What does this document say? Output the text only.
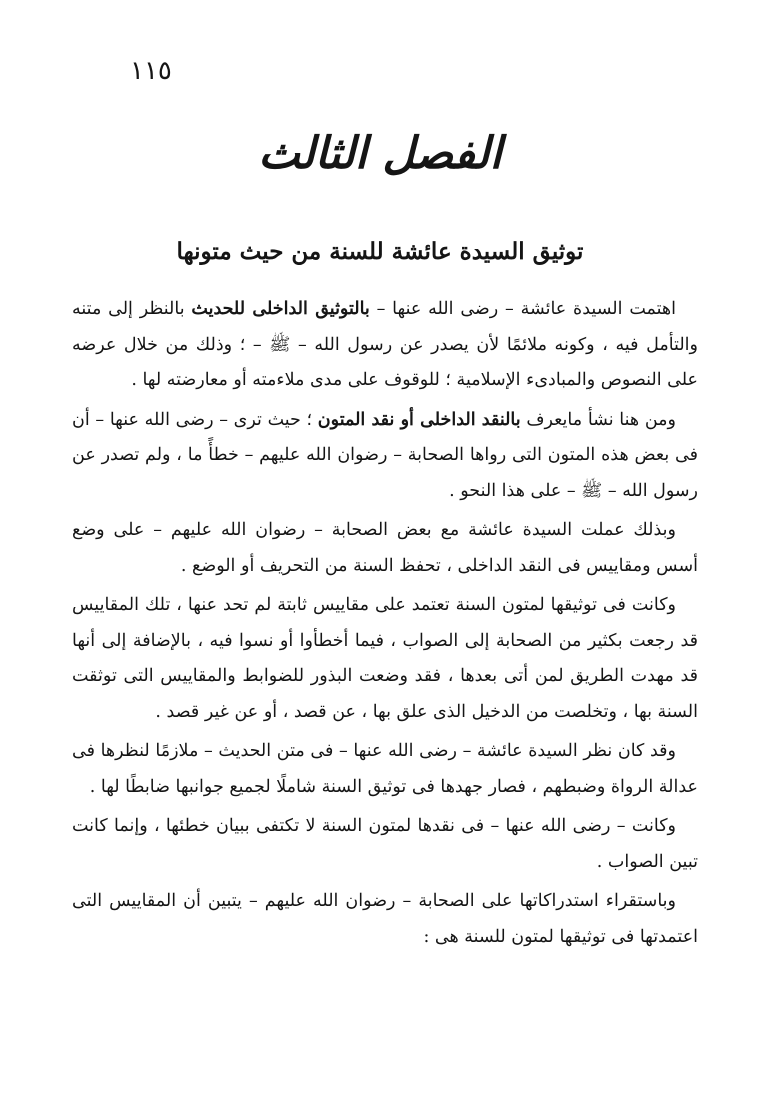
١١٥
الفصل الثالث
توثيق السيدة عائشة للسنة من حيث متونها

اهتمت السيدة عائشة – رضى الله عنها – بالتوثيق الداخلى للحديث بالنظر إلى متنه والتأمل فيه ، وكونه ملائمًا لأن يصدر عن رسول الله – ﷺ – ؛ وذلك من خلال عرضه على النصوص والمبادىء الإسلامية ؛ للوقوف على مدى ملاءمته أو معارضته لها .

ومن هنا نشأ مايعرف بالنقد الداخلى أو نقد المتون ؛ حيث ترى – رضى الله عنها – أن فى بعض هذه المتون التى رواها الصحابة – رضوان الله عليهم – خطأً ما ، ولم تصدر عن رسول الله – ﷺ – على هذا النحو .

وبذلك عملت السيدة عائشة مع بعض الصحابة – رضوان الله عليهم – على وضع أسس ومقاييس فى النقد الداخلى ، تحفظ السنة من التحريف أو الوضع .

وكانت فى توثيقها لمتون السنة تعتمد على مقاييس ثابتة لم تحد عنها ، تلك المقاييس قد رجعت بكثير من الصحابة إلى الصواب ، فيما أخطأوا أو نسوا فيه ، بالإضافة إلى أنها قد مهدت الطريق لمن أتى بعدها ، فقد وضعت البذور للضوابط والمقاييس التى توثقت السنة بها ، وتخلصت من الدخيل الذى علق بها ، عن قصد ، أو عن غير قصد .

وقد كان نظر السيدة عائشة – رضى الله عنها – فى متن الحديث – ملازمًا لنظرها فى عدالة الرواة وضبطهم ، فصار جهدها فى توثيق السنة شاملًا لجميع جوانبها ضابطًا لها .

وكانت – رضى الله عنها – فى نقدها لمتون السنة لا تكتفى ببيان خطئها ، وإنما كانت تبين الصواب .

وباستقراء استدراكاتها على الصحابة – رضوان الله عليهم – يتبين أن المقاييس التى اعتمدتها فى توثيقها لمتون للسنة هى :
